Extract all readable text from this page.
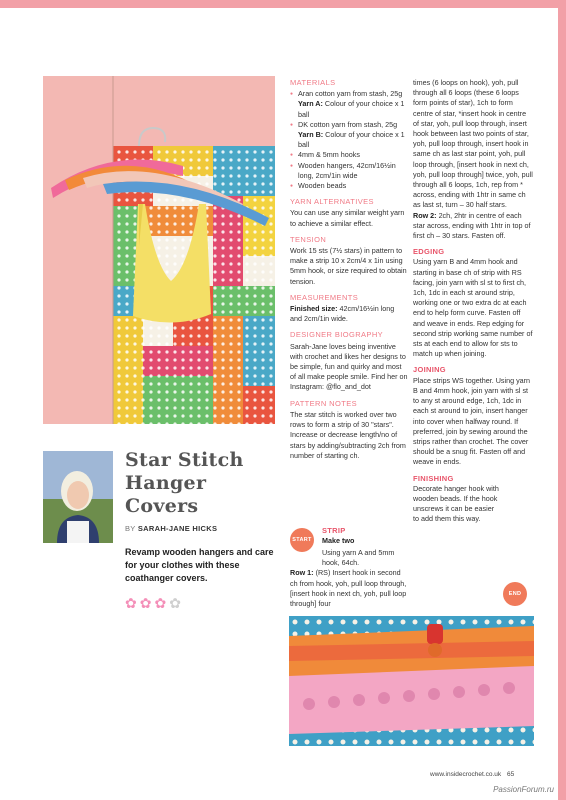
Star Stitch
Hanger
Covers
BY SARAH-JANE HICKS
Revamp wooden hangers and care for your clothes with these coathanger covers.
✿ ✿ ✿ ✿
MATERIALS
● Aran cotton yarn from stash, 25g
Yarn A: Colour of your choice x 1 ball
● DK cotton yarn from stash, 25g
Yarn B: Colour of your choice x 1 ball
● 4mm & 5mm hooks
● Wooden hangers, 42cm/16½in long, 2cm/1in wide
● Wooden beads
YARN ALTERNATIVES
You can use any similar weight yarn to achieve a similar effect.
TENSION
Work 15 sts (7½ stars) in pattern to make a strip 10 x 2cm/4 x 1in using 5mm hook, or size required to obtain tension.
MEASUREMENTS
Finished size: 42cm/16½in long and 2cm/1in wide.
DESIGNER BIOGRAPHY
Sarah-Jane loves being inventive with crochet and likes her designs to be simple, fun and quirky and most of all make people smile. Find her on Instagram: @flo_and_dot
PATTERN NOTES
The star stitch is worked over two rows to form a strip of 30 "stars". Increase or decrease length/no of stars by adding/subtracting 2ch from number of starting ch.
START
STRIP
Make two
Using yarn A and 5mm hook, 64ch.
Row 1: (RS) Insert hook in second ch from hook, yoh, pull loop through, [insert hook in next ch, yoh, pull loop through] four
times (6 loops on hook), yoh, pull through all 6 loops (these 6 loops form points of star), 1ch to form centre of star, *insert hook in centre of star, yoh, pull loop through, insert hook between last two points of star, yoh, pull loop through, insert hook in same ch as last star point, yoh, pull loop through, [insert hook in next ch, yoh, pull loop through] twice, yoh, pull through all 6 loops, 1ch, rep from * across, ending with 1htr in same ch as last st, turn – 30 half stars.
Row 2: 2ch, 2htr in centre of each star across, ending with 1htr in top of first ch – 30 stars. Fasten off.
EDGING
Using yarn B and 4mm hook and starting in base ch of strip with RS facing, join yarn with sl st to first ch, 1ch, 1dc in each st around strip, working one or two extra dc at each end to help form curve. Fasten off and weave in ends. Rep edging for second strip working same number of sts at each end to allow for sts to match up when joining.
JOINING
Place strips WS together. Using yarn B and 4mm hook, join yarn with sl st to any st around edge, 1ch, 1dc in each st around to join, insert hanger into cover when halfway round. If preferred, join by sewing around the strips rather than crochet. The cover should be a snug fit. Fasten off and weave in ends.
FINISHING
Decorate hanger hook with wooden beads. If the hook unscrews it can be easier to add them this way.
END
www.insidecrochet.co.uk 65
PassionForum.ru
